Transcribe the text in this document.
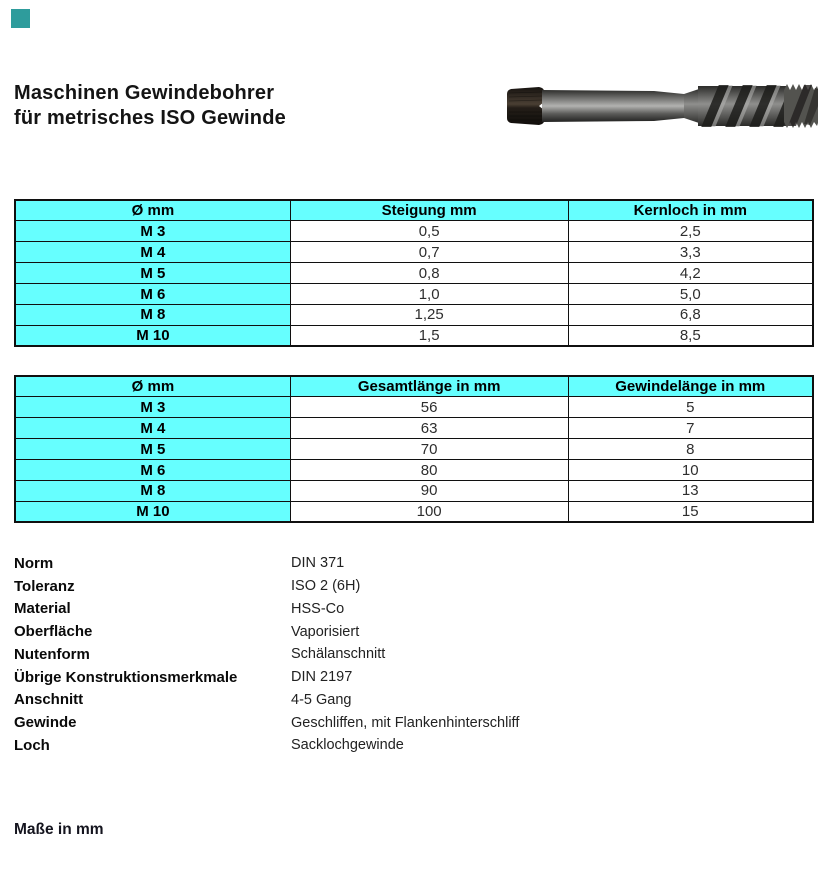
Maschinen Gewindebohrer
für metrisches ISO Gewinde
Ø mm	Steigung mm	Kernloch in mm
M 3	0,5	2,5
M 4	0,7	3,3
M 5	0,8	4,2
M 6	1,0	5,0
M 8	1,25	6,8
M 10	1,5	8,5
Ø mm	Gesamtlänge in mm	Gewindelänge in mm
M 3	56	5
M 4	63	7
M 5	70	8
M 6	80	10
M 8	90	13
M 10	100	15
Norm	DIN 371
Toleranz	ISO 2 (6H)
Material	HSS-Co
Oberfläche	Vaporisiert
Nutenform	Schälanschnitt
Übrige Konstruktionsmerkmale	DIN 2197
Anschnitt	4-5 Gang
Gewinde	Geschliffen, mit Flankenhinterschliff
Loch	Sacklochgewinde
Maße in mm
